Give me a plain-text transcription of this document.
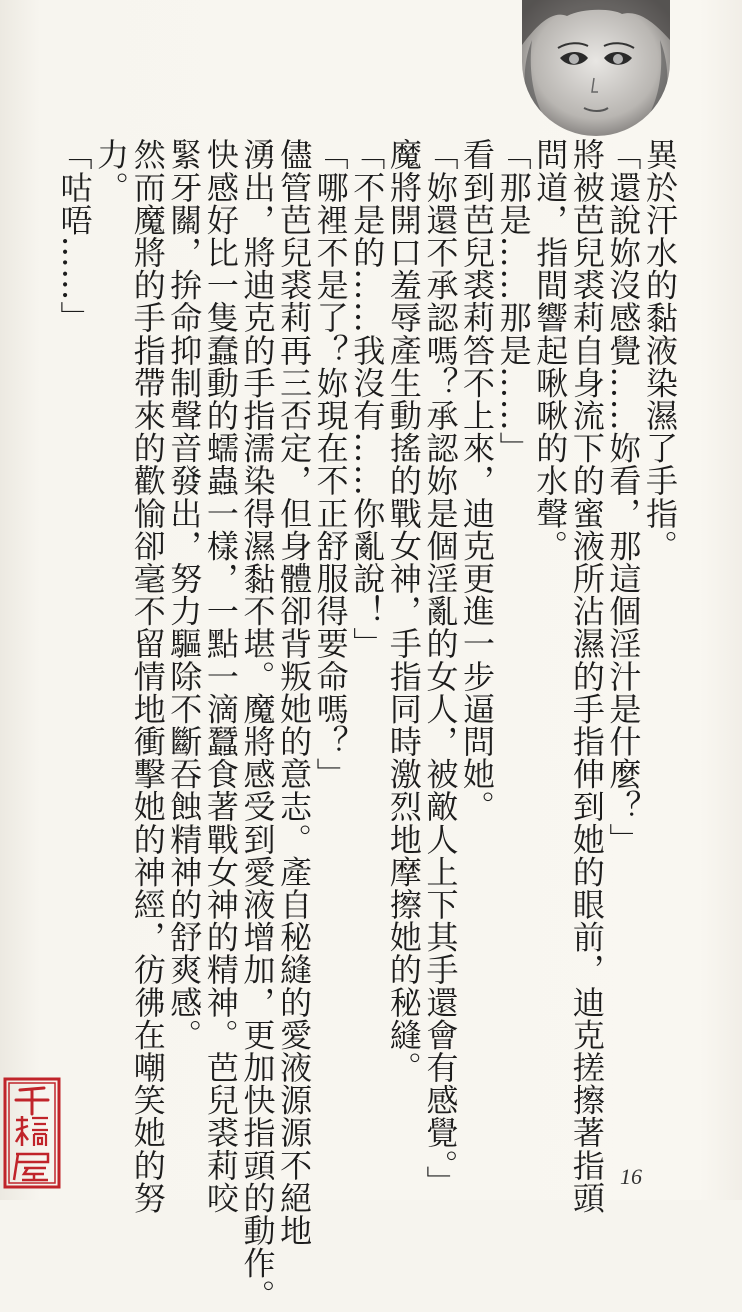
異於汗水的黏液染濕了手指。
「還說妳沒感覺……妳看，那這個淫汁是什麼？」
將被芭兒裘莉自身流下的蜜液所沾濕的手指伸到她的眼前，迪克搓擦著指頭
問道，指間響起啾啾的水聲。
「那是……那是……」
看到芭兒裘莉答不上來，迪克更進一步逼問她。
「妳還不承認嗎？承認妳是個淫亂的女人，被敵人上下其手還會有感覺。」
魔將開口羞辱產生動搖的戰女神，手指同時激烈地摩擦她的秘縫。
「不是的……我沒有……你亂說！」
「哪裡不是了？妳現在不正舒服得要命嗎？」
儘管芭兒裘莉再三否定，但身體卻背叛她的意志。產自秘縫的愛液源源不絕地
湧出，將迪克的手指濡染得濕黏不堪。魔將感受到愛液增加，更加快指頭的動作。
快感好比一隻蠢動的蠕蟲一樣，一點一滴蠶食著戰女神的精神。芭兒裘莉咬
緊牙關，拚命抑制聲音發出，努力驅除不斷吞蝕精神的舒爽感。
然而魔將的手指帶來的歡愉卻毫不留情地衝擊她的神經，彷彿在嘲笑她的努
力。
「咕唔……」
16
